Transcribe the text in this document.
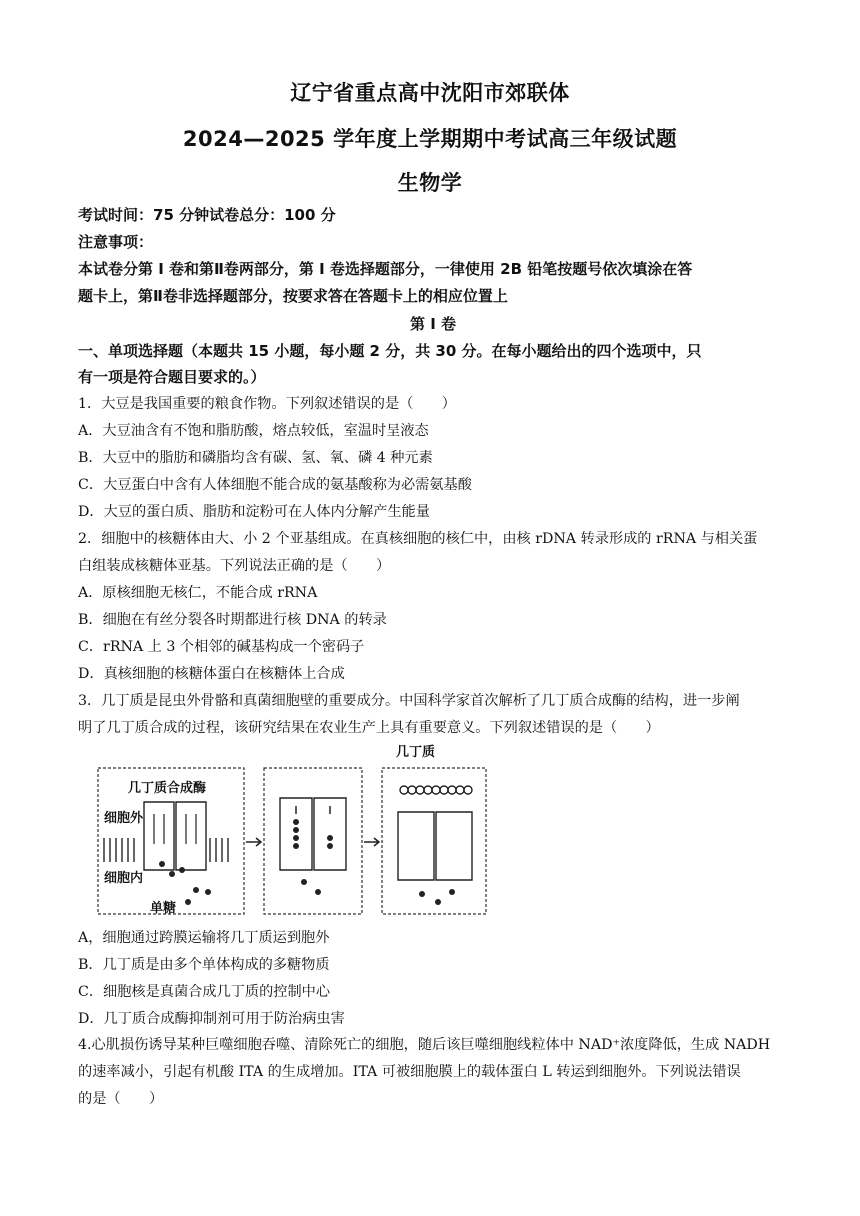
辽宁省重点高中沈阳市郊联体
2024—2025 学年度上学期期中考试高三年级试题
生物学
考试时间：75 分钟试卷总分：100 分
注意事项：
本试卷分第 I 卷和第Ⅱ卷两部分，第 I 卷选择题部分，一律使用 2B 铅笔按题号依次填涂在答
题卡上，第Ⅱ卷非选择题部分，按要求答在答题卡上的相应位置上
第 I 卷
一、单项选择题（本题共 15 小题，每小题 2 分，共 30 分。在每小题给出的四个选项中，只
有一项是符合题目要求的。）
1．大豆是我国重要的粮食作物。下列叙述错误的是（　　）
A．大豆油含有不饱和脂肪酸，熔点较低，室温时呈液态
B．大豆中的脂肪和磷脂均含有碳、氢、氧、磷 4 种元素
C．大豆蛋白中含有人体细胞不能合成的氨基酸称为必需氨基酸
D．大豆的蛋白质、脂肪和淀粉可在人体内分解产生能量
2．细胞中的核糖体由大、小 2 个亚基组成。在真核细胞的核仁中，由核 rDNA 转录形成的 rRNA 与相关蛋
白组装成核糖体亚基。下列说法正确的是（　　）
A．原核细胞无核仁，不能合成 rRNA
B．细胞在有丝分裂各时期都进行核 DNA 的转录
C．rRNA 上 3 个相邻的碱基构成一个密码子
D．真核细胞的核糖体蛋白在核糖体上合成
3．几丁质是昆虫外骨骼和真菌细胞壁的重要成分。中国科学家首次解析了几丁质合成酶的结构，进一步阐
明了几丁质合成的过程，该研究结果在农业生产上具有重要意义。下列叙述错误的是（　　）
几丁质合成酶
细胞外
细胞内
单糖
几丁质
A，细胞通过跨膜运输将几丁质运到胞外
B．几丁质是由多个单体构成的多糖物质
C．细胞核是真菌合成几丁质的控制中心
D．几丁质合成酶抑制剂可用于防治病虫害
4.心肌损伤诱导某种巨噬细胞吞噬、清除死亡的细胞，随后该巨噬细胞线粒体中 NAD⁺浓度降低，生成 NADH
的速率减小，引起有机酸 ITA 的生成增加。ITA 可被细胞膜上的载体蛋白 L 转运到细胞外。下列说法错误
的是（　　）
